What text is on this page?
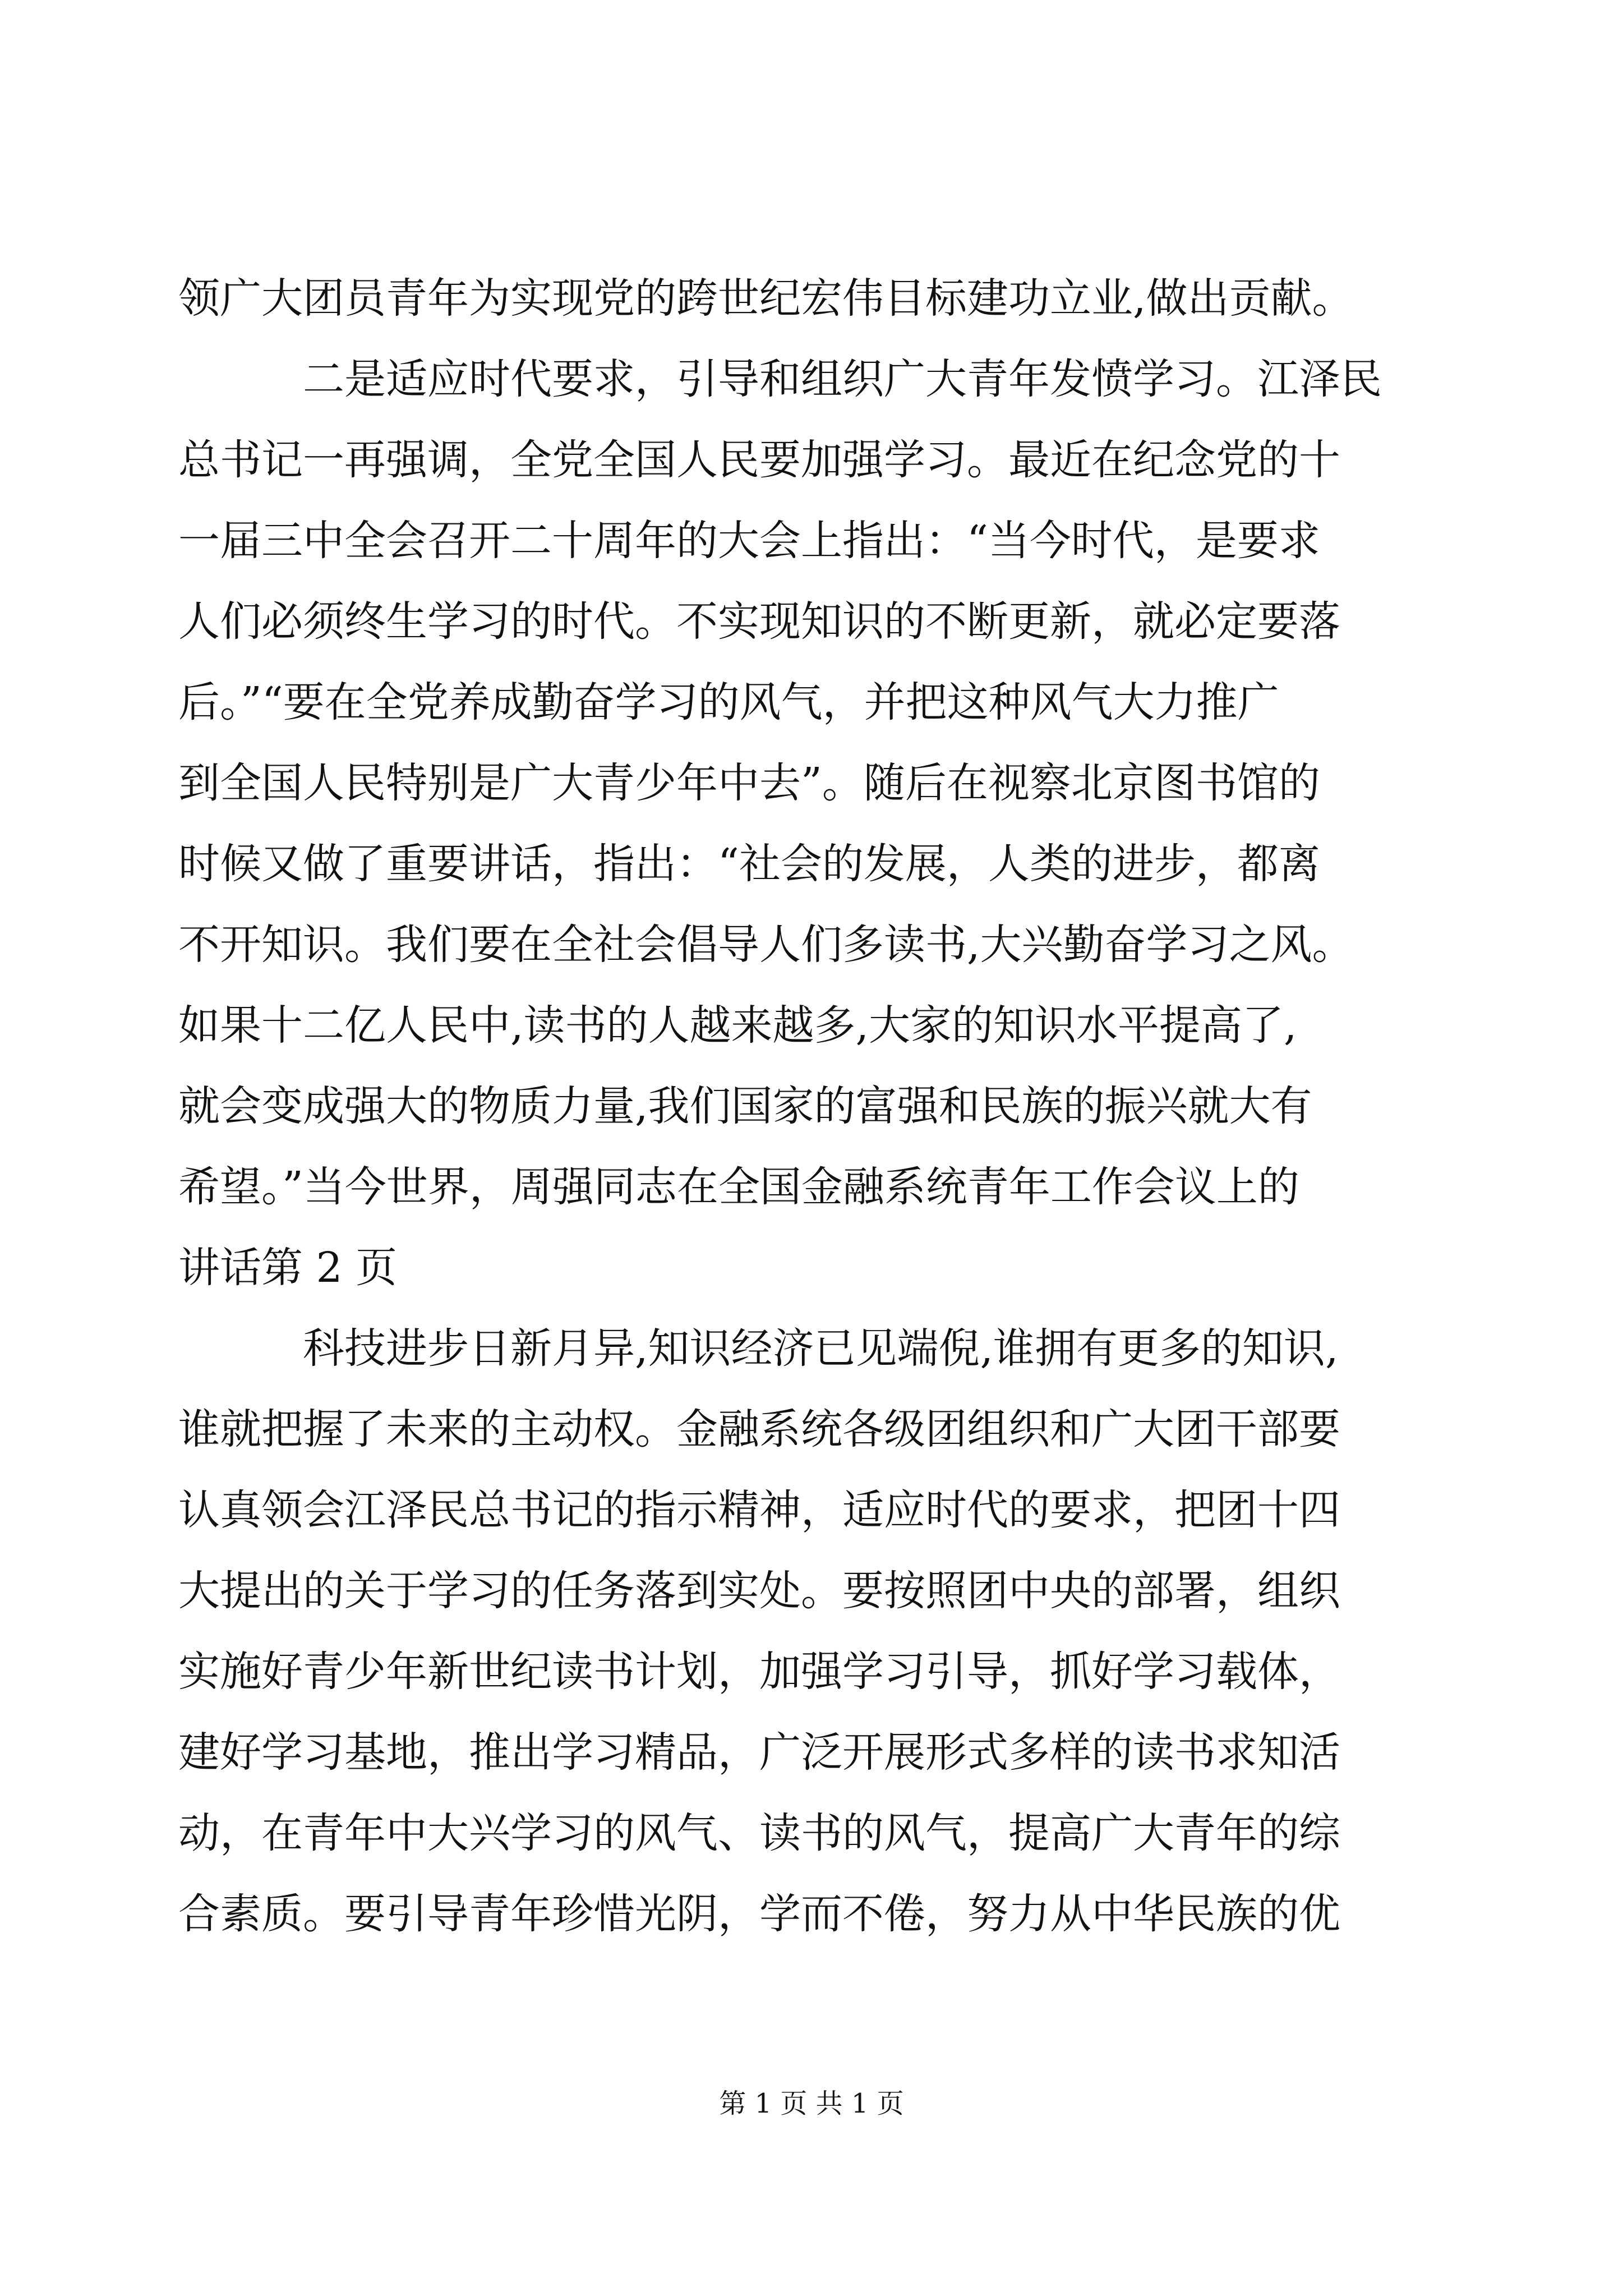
领广大团员青年为实现党的跨世纪宏伟目标建功立业,做出贡献。
二是适应时代要求，引导和组织广大青年发愤学习。江泽民
总书记一再强调，全党全国人民要加强学习。最近在纪念党的十
一届三中全会召开二十周年的大会上指出：“当今时代，是要求
人们必须终生学习的时代。不实现知识的不断更新，就必定要落
后。”“要在全党养成勤奋学习的风气，并把这种风气大力推广
到全国人民特别是广大青少年中去”。随后在视察北京图书馆的
时候又做了重要讲话，指出：“社会的发展，人类的进步，都离
不开知识。我们要在全社会倡导人们多读书,大兴勤奋学习之风。
如果十二亿人民中,读书的人越来越多,大家的知识水平提高了,
就会变成强大的物质力量,我们国家的富强和民族的振兴就大有
希望。”当今世界，周强同志在全国金融系统青年工作会议上的
讲话第 2 页
科技进步日新月异,知识经济已见端倪,谁拥有更多的知识,
谁就把握了未来的主动权。金融系统各级团组织和广大团干部要
认真领会江泽民总书记的指示精神，适应时代的要求，把团十四
大提出的关于学习的任务落到实处。要按照团中央的部署，组织
实施好青少年新世纪读书计划，加强学习引导，抓好学习载体，
建好学习基地，推出学习精品，广泛开展形式多样的读书求知活
动，在青年中大兴学习的风气、读书的风气，提高广大青年的综
合素质。要引导青年珍惜光阴，学而不倦，努力从中华民族的优
第 1 页 共 1 页
